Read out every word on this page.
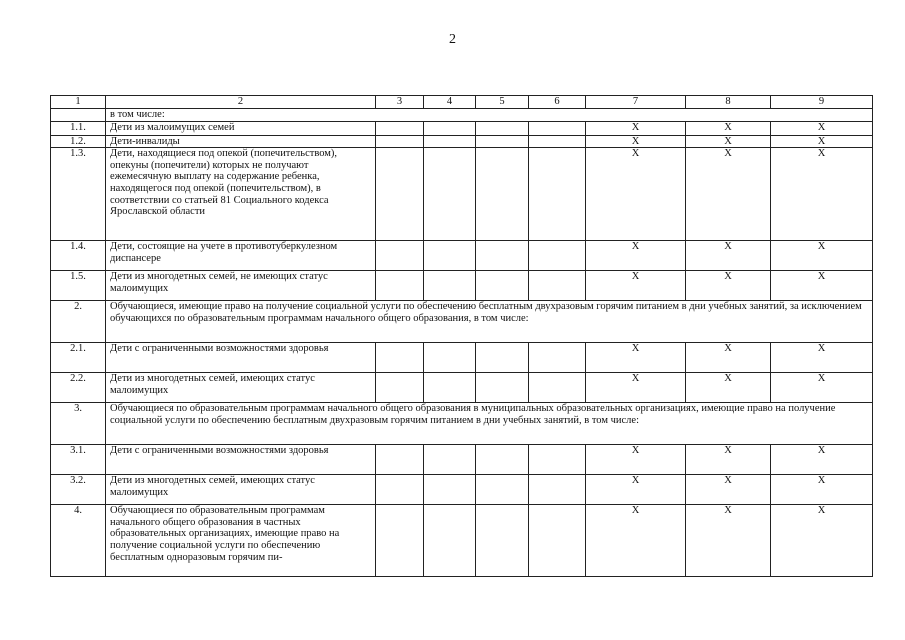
2
1	2	3	4	5	6	7	8	9
	в том числе:							
1.1.	Дети из малоимущих семей					Х	Х	Х
1.2.	Дети-инвалиды					Х	Х	Х
1.3.	Дети, находящиеся под опекой (попечительством), опекуны (попечители) которых не получают ежемесячную выплату на содержание ребенка, находящегося под опекой (попечительством), в соответствии со статьей 81 Социального кодекса Ярославской области					Х	Х	Х
1.4.	Дети, состоящие на учете в противотуберкулезном диспансере					Х	Х	Х
1.5.	Дети из многодетных семей, не имеющих статус малоимущих					Х	Х	Х
2.	Обучающиеся, имеющие право на получение социальной услуги по обеспечению бесплатным двухразовым горячим питанием в дни учебных занятий, за исключением обучающихся по образовательным программам начального общего образования, в том числе:							
2.1.	Дети с ограниченными возможностями здоровья					Х	Х	Х
2.2.	Дети из многодетных семей, имеющих статус малоимущих					Х	Х	Х
3.	Обучающиеся по образовательным программам начального общего образования в муниципальных образовательных организациях, имеющие право на получение социальной услуги по обеспечению бесплатным двухразовым горячим питанием в дни учебных занятий, в том числе:							
3.1.	Дети с ограниченными возможностями здоровья					Х	Х	Х
3.2.	Дети из многодетных семей, имеющих статус малоимущих					Х	Х	Х
4.	Обучающиеся по образовательным программам начального общего образования в частных образовательных организациях, имеющие право на получение социальной услуги по обеспечению бесплатным одноразовым горячим пи-					Х	Х	Х
